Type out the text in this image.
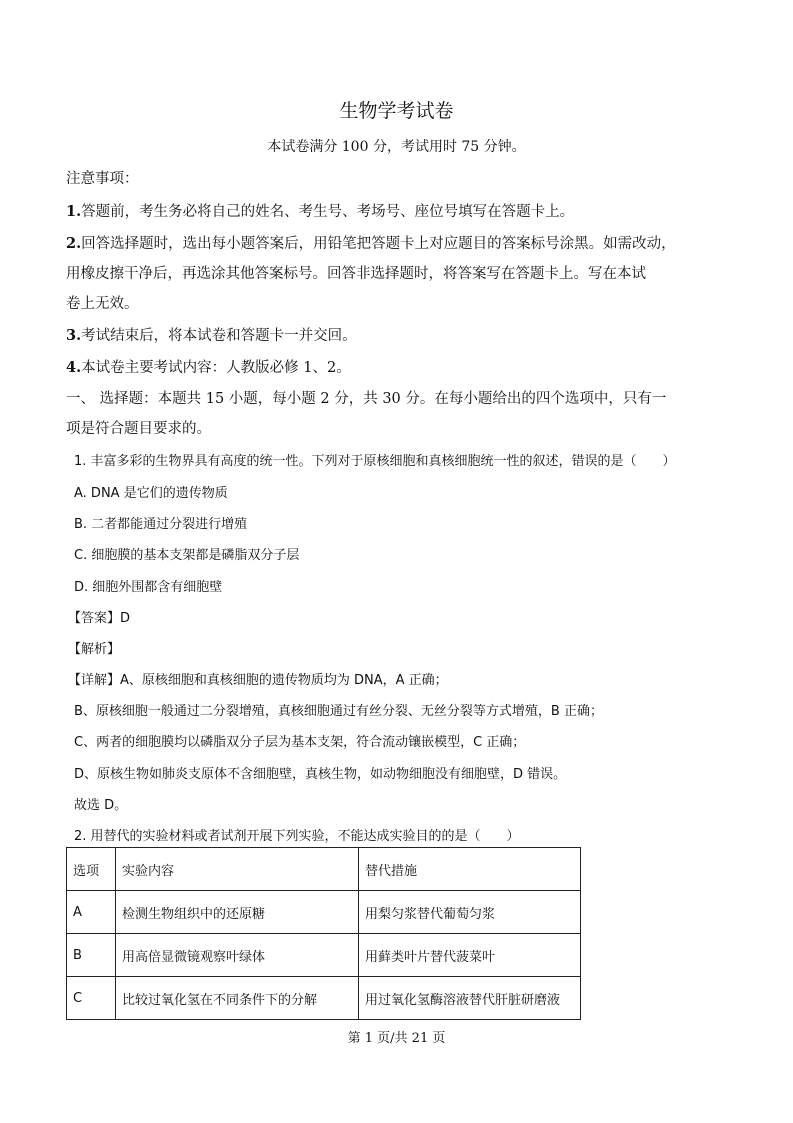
生物学考试卷
本试卷满分 100 分，考试用时 75 分钟。
注意事项：
1.答题前，考生务必将自己的姓名、考生号、考场号、座位号填写在答题卡上。
2.回答选择题时，选出每小题答案后，用铅笔把答题卡上对应题目的答案标号涂黑。如需改动，
用橡皮擦干净后，再选涂其他答案标号。回答非选择题时，将答案写在答题卡上。写在本试
卷上无效。
3.考试结束后，将本试卷和答题卡一并交回。
4.本试卷主要考试内容：人教版必修 1、2。
一、 选择题：本题共 15 小题，每小题 2 分，共 30 分。在每小题给出的四个选项中，只有一
项是符合题目要求的。
1. 丰富多彩的生物界具有高度的统一性。下列对于原核细胞和真核细胞统一性的叙述，错误的是（　　）
A. DNA 是它们的遗传物质
B. 二者都能通过分裂进行增殖
C. 细胞膜的基本支架都是磷脂双分子层
D. 细胞外围都含有细胞壁
【答案】D
【解析】
【详解】A、原核细胞和真核细胞的遗传物质均为 DNA，A 正确；
B、原核细胞一般通过二分裂增殖，真核细胞通过有丝分裂、无丝分裂等方式增殖，B 正确；
C、两者的细胞膜均以磷脂双分子层为基本支架，符合流动镶嵌模型，C 正确；
D、原核生物如肺炎支原体不含细胞壁，真核生物，如动物细胞没有细胞壁，D 错误。
故选 D。
2. 用替代的实验材料或者试剂开展下列实验，不能达成实验目的的是（　　）
选项	实验内容	替代措施
A	检测生物组织中的还原糖	用梨匀浆替代葡萄匀浆
B	用高倍显微镜观察叶绿体	用藓类叶片替代菠菜叶
C	比较过氧化氢在不同条件下的分解	用过氧化氢酶溶液替代肝脏研磨液
第 1 页/共 21 页
